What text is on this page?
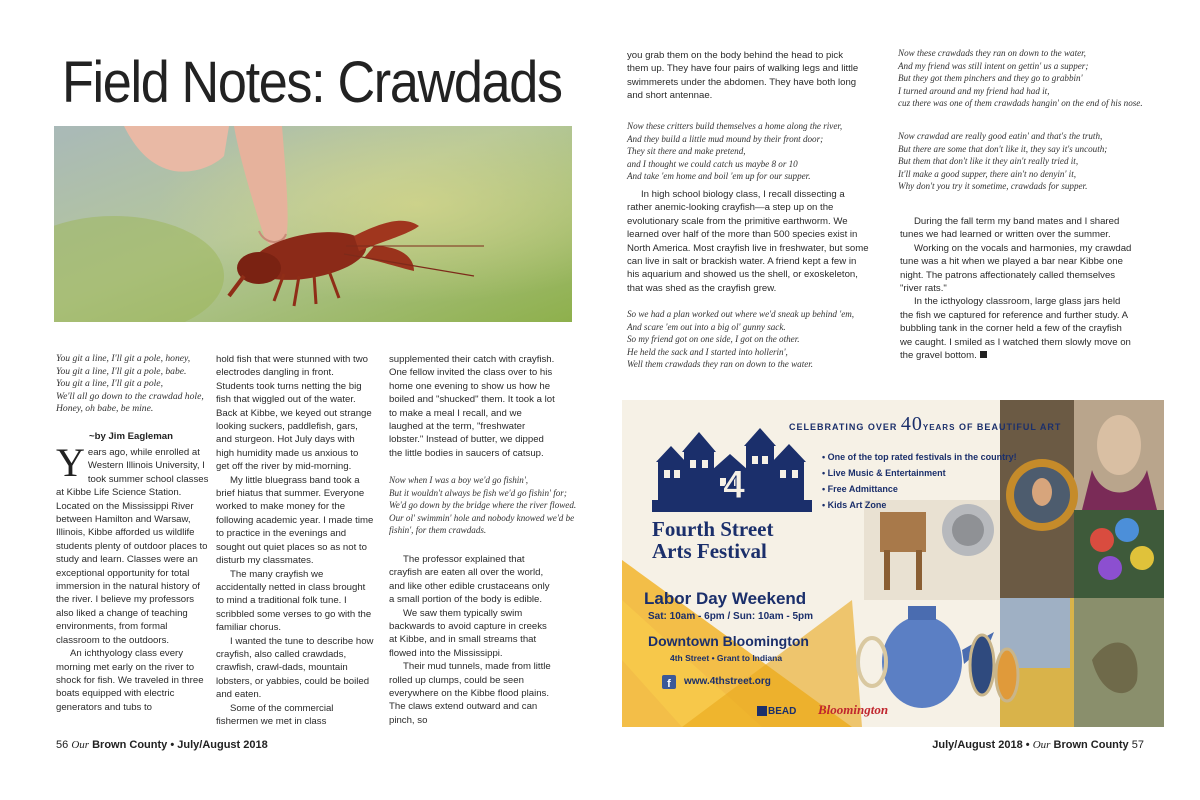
Field Notes: Crawdads
You git a line, I'll git a pole, honey,
You git a line, I'll git a pole, babe.
You git a line, I'll git a pole,
We'll all go down to the crawdad hole,
Honey, oh babe, be mine.
~by Jim Eagleman

Years ago, while enrolled at Western Illinois University, I took summer school classes at Kibbe Life Science Station. Located on the Mississippi River between Hamilton and Warsaw, Illinois, Kibbe afforded us wildlife students plenty of outdoor places to study and learn. Classes were an exceptional opportunity for total immersion in the natural history of the river. I believe my professors also liked a change of teaching environments, from formal classroom to the outdoors.

An ichthyology class every morning met early on the river to shock for fish. We traveled in three boats equipped with electric generators and tubs to

hold fish that were stunned with two electrodes dangling in front. Students took turns netting the big fish that wiggled out of the water. Back at Kibbe, we keyed out strange looking suckers, paddlefish, gars, and sturgeon. Hot July days with high humidity made us anxious to get off the river by mid-morning.

My little bluegrass band took a brief hiatus that summer. Everyone worked to make money for the following academic year. I made time to practice in the evenings and sought out quiet places so as not to disturb my classmates.

The many crayfish we accidentally netted in class brought to mind a traditional folk tune. I scribbled some verses to go with the familiar chorus.

I wanted the tune to describe how crayfish, also called crawdads, crawfish, crawl-dads, mountain lobsters, or yabbies, could be boiled and eaten.

Some of the commercial fishermen we met in class

supplemented their catch with crayfish. One fellow invited the class over to his home one evening to show us how he boiled and "shucked" them. It took a lot to make a meal I recall, and we laughed at the term, "freshwater lobster." Instead of butter, we dipped the little bodies in saucers of catsup.

Now when I was a boy we'd go fishin',
But it wouldn't always be fish we'd go fishin' for;
We'd go down by the bridge where the river flowed.
Our ol' swimmin' hole and nobody knowed we'd be
fishin', for them crawdads.

The professor explained that crayfish are eaten all over the world, and like other edible crustaceans only a small portion of the body is edible.

We saw them typically swim backwards to avoid capture in creeks at Kibbe, and in small streams that flowed into the Mississippi.

Their mud tunnels, made from little rolled up clumps, could be seen everywhere on the Kibbe flood plains. The claws extend outward and can pinch, so

you grab them on the body behind the head to pick them up. They have four pairs of walking legs and little swimmerets under the abdomen. They have both long and short antennae.

Now these critters build themselves a home along the river,
And they build a little mud mound by their front door;
They sit there and make pretend,
and I thought we could catch us maybe 8 or 10
And take 'em home and boil 'em up for our supper.

In high school biology class, I recall dissecting a rather anemic-looking crayfish—a step up on the evolutionary scale from the primitive earthworm. We learned over half of the more than 500 species exist in North America. Most crayfish live in freshwater, but some can live in salt or brackish water. A friend kept a few in his aquarium and showed us the shell, or exoskeleton, that was shed as the crayfish grew.

So we had a plan worked out where we'd sneak up behind 'em,
And scare 'em out into a big ol' gunny sack.
So my friend got on one side, I got on the other.
He held the sack and I started into hollerin',
Well them crawdads they ran on down to the water.
Now these crawdads they ran on down to the water,
And my friend was still intent on gettin' us a supper;
But they got them pinchers and they go to grabbin'
I turned around and my friend had had it,
cuz there was one of them crawdads hangin' on the end of his nose.
Now crawdad are really good eatin' and that's the truth,
But there are some that don't like it, they say it's uncouth;
But them that don't like it they ain't really tried it,
It'll make a good supper, there ain't no denyin' it,
Why don't you try it sometime, crawdads for supper.

During the fall term my band mates and I shared tunes we had learned or written over the summer.

Working on the vocals and harmonies, my crawdad tune was a hit when we played a bar near Kibbe one night. The patrons affectionately called themselves "river rats."

In the icthyology classroom, large glass jars held the fish we captured for reference and further study. A bubbling tank in the corner held a few of the crayfish we caught. I smiled as I watched them slowly move on the gravel bottom.

4
f
CELEBRATING OVER 40YEARS OF BEAUTIFUL ART
Fourth Street
Arts Festival
Labor Day Weekend
Sat: 10am - 6pm / Sun: 10am - 5pm
Downtown Bloomington
4th Street • Grant to Indiana
www.4thstreet.org
BEAD Bloomington
• One of the top rated festivals in the country!
• Live Music & Entertainment
• Free Admittance
• Kids Art Zone
56 Our Brown County • July/August 2018	July/August 2018 • Our Brown County 57
